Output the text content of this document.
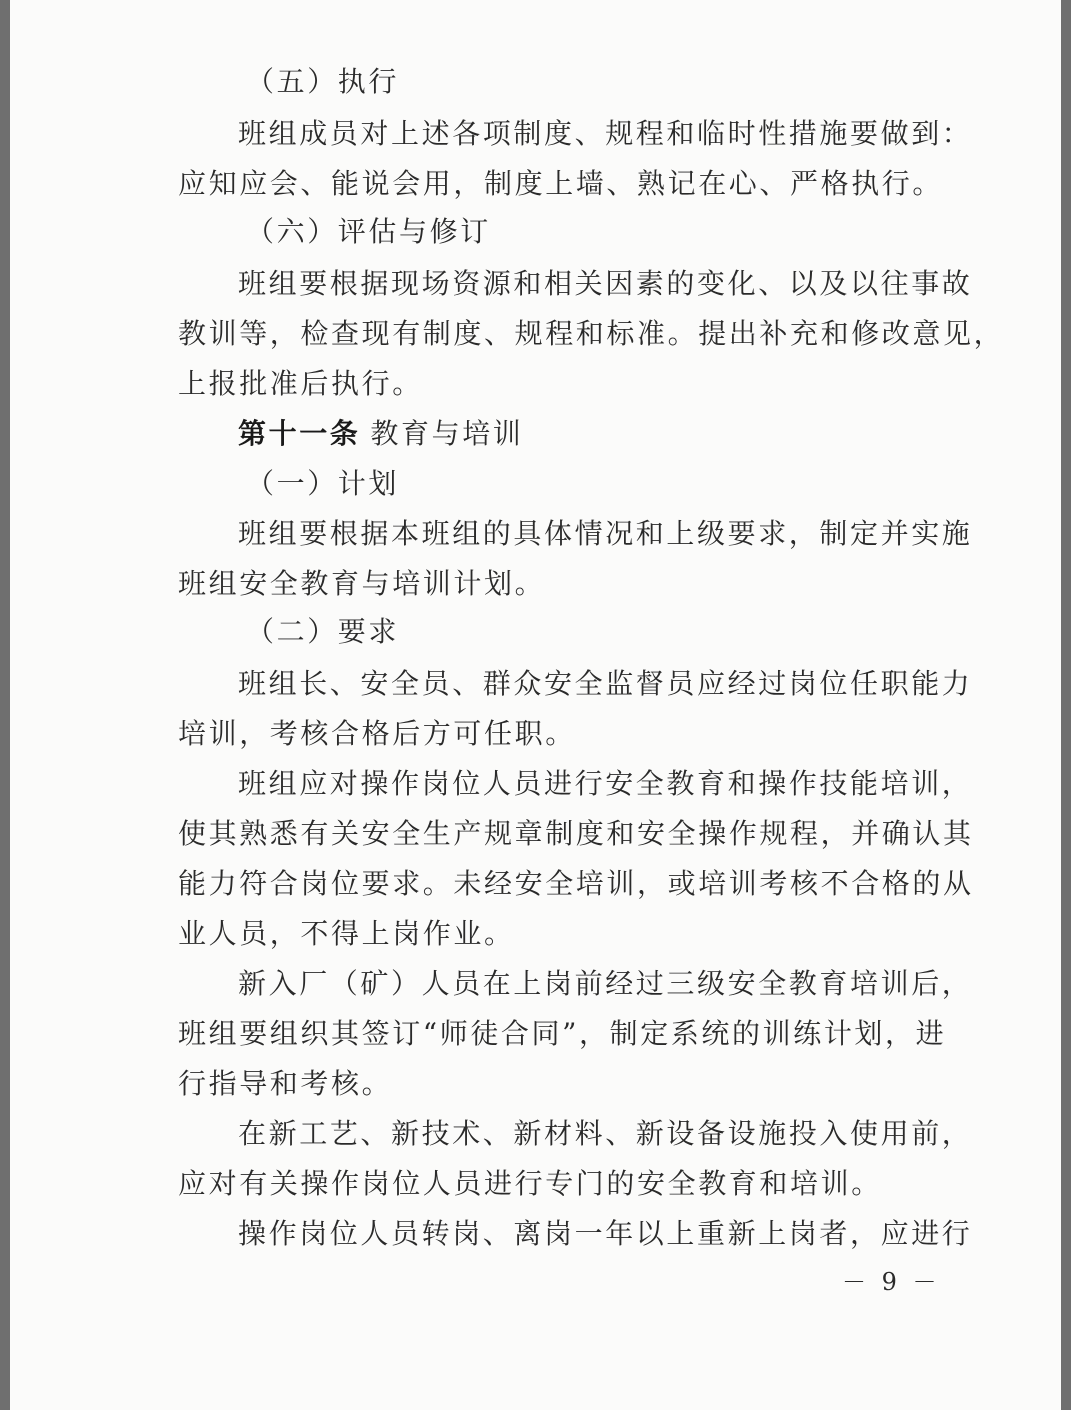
（五）执行
班组成员对上述各项制度、规程和临时性措施要做到：
应知应会、能说会用，制度上墙、熟记在心、严格执行。
（六）评估与修订
班组要根据现场资源和相关因素的变化、以及以往事故
教训等，检查现有制度、规程和标准。提出补充和修改意见，
上报批准后执行。
第十一条 教育与培训
（一）计划
班组要根据本班组的具体情况和上级要求，制定并实施
班组安全教育与培训计划。
（二）要求
班组长、安全员、群众安全监督员应经过岗位任职能力
培训，考核合格后方可任职。
班组应对操作岗位人员进行安全教育和操作技能培训，
使其熟悉有关安全生产规章制度和安全操作规程，并确认其
能力符合岗位要求。未经安全培训，或培训考核不合格的从
业人员，不得上岗作业。
新入厂（矿）人员在上岗前经过三级安全教育培训后，
班组要组织其签订“师徒合同”，制定系统的训练计划，进
行指导和考核。
在新工艺、新技术、新材料、新设备设施投入使用前，
应对有关操作岗位人员进行专门的安全教育和培训。
操作岗位人员转岗、离岗一年以上重新上岗者，应进行
－ 9 －
